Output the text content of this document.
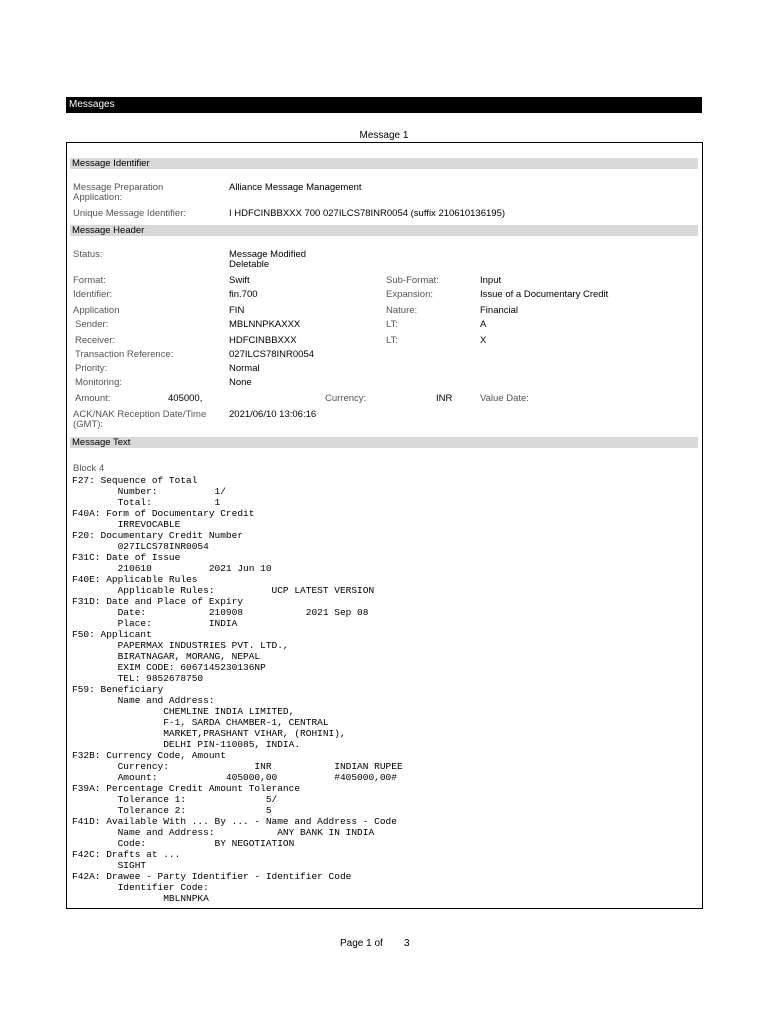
Messages
Message 1
Message Identifier
Message Preparation Application:
Alliance Message Management
Unique Message Identifier:	I HDFCINBBXXX 700 027ILCS78INR0054 (suffix 210610136195)
Message Header
Status:	Message Modified
Deletable
Format:	Swift	Sub-Format:	Input
Identifier:	fin.700	Expansion:	Issue of a Documentary Credit
Application	FIN	Nature:	Financial
Sender:	MBLNNPKAXXX	LT:	A
Receiver:	HDFCINBBXXX	LT:	X
Transaction Reference:	027ILCS78INR0054
Priority:	Normal
Monitoring:	None
Amount:	405000,	Currency:	INR	Value Date:
ACK/NAK Reception Date/Time (GMT):
2021/06/10 13:06:16
Message Text
Block 4
F27: Sequence of Total
Number:          1/
Total:           1
F40A: Form of Documentary Credit
IRREVOCABLE
F20: Documentary Credit Number
027ILCS78INR0054
F31C: Date of Issue
210610          2021 Jun 10
F40E: Applicable Rules
Applicable Rules:          UCP LATEST VERSION
F31D: Date and Place of Expiry
Date:           210908           2021 Sep 08
Place:          INDIA
F50: Applicant
PAPERMAX INDUSTRIES PVT. LTD.,
BIRATNAGAR, MORANG, NEPAL
EXIM CODE: 6067145230136NP
TEL: 9852678750
F59: Beneficiary
Name and Address:
CHEMLINE INDIA LIMITED,
F-1, SARDA CHAMBER-1, CENTRAL
MARKET,PRASHANT VIHAR, (ROHINI),
DELHI PIN-110085, INDIA.
F32B: Currency Code, Amount
Currency:               INR           INDIAN RUPEE
Amount:            405000,00          #405000,00#
F39A: Percentage Credit Amount Tolerance
Tolerance 1:              5/
Tolerance 2:              5
F41D: Available With ... By ... - Name and Address - Code
Name and Address:           ANY BANK IN INDIA
Code:            BY NEGOTIATION
F42C: Drafts at ...
SIGHT
F42A: Drawee - Party Identifier - Identifier Code
Identifier Code:
MBLNNPKA
Page 1 of 3
